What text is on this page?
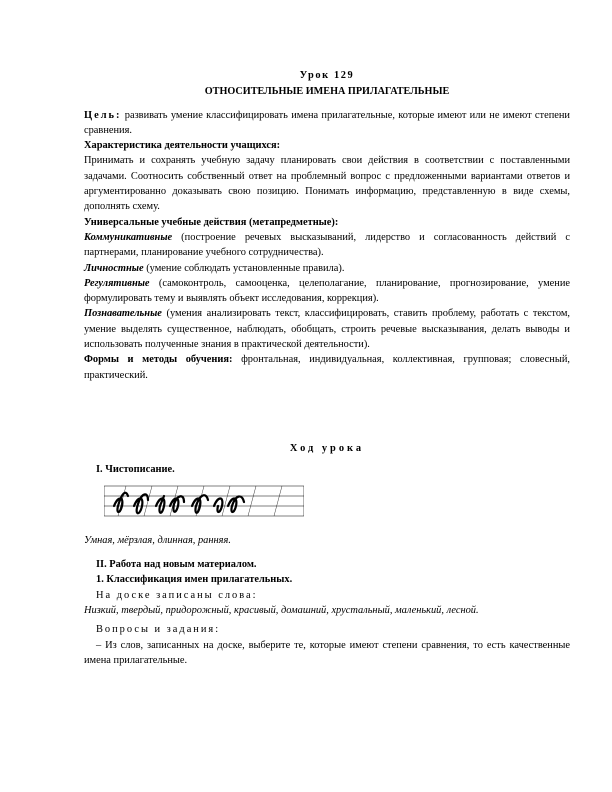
Урок 129

ОТНОСИТЕЛЬНЫЕ ИМЕНА ПРИЛАГАТЕЛЬНЫЕ

Цель: развивать умение классифицировать имена прилагательные, которые имеют или не имеют степени сравнения.

Характеристика деятельности учащихся:

Принимать и сохранять учебную задачу планировать свои действия в соответствии с поставленными задачами. Соотносить собственный ответ на проблемный вопрос с предложенными вариантами ответов и аргументированно доказывать свою позицию. Понимать информацию, представленную в виде схемы, дополнять схему.

Универсальные учебные действия (метапредметные):

Коммуникативные (построение речевых высказываний, лидерство и согласованность действий с партнерами, планирование учебного сотрудничества).

Личностные (умение соблюдать установленные правила).

Регулятивные (самоконтроль, самооценка, целеполагание, планирование, прогнозирование, умение формулировать тему и выявлять объект исследования, коррекция).

Познавательные (умения анализировать текст, классифицировать, ставить проблему, работать с текстом, умение выделять существенное, наблюдать, обобщать, строить речевые высказывания, делать выводы и использовать полученные знания в практической деятельности).

Формы и методы обучения: фронтальная, индивидуальная, коллективная, групповая; словесный, практический.

Ход урока

I. Чистописание.

Умная, мёрзлая, длинная, ранняя.

II. Работа над новым материалом.

1. Классификация имен прилагательных.

На доске записаны слова:

Низкий, твердый, придорожный, красивый, домашний, хрустальный, маленький, лесной.

Вопросы и задания:

– Из слов, записанных на доске, выберите те, которые имеют степени сравнения, то есть качественные имена прилагательные.
